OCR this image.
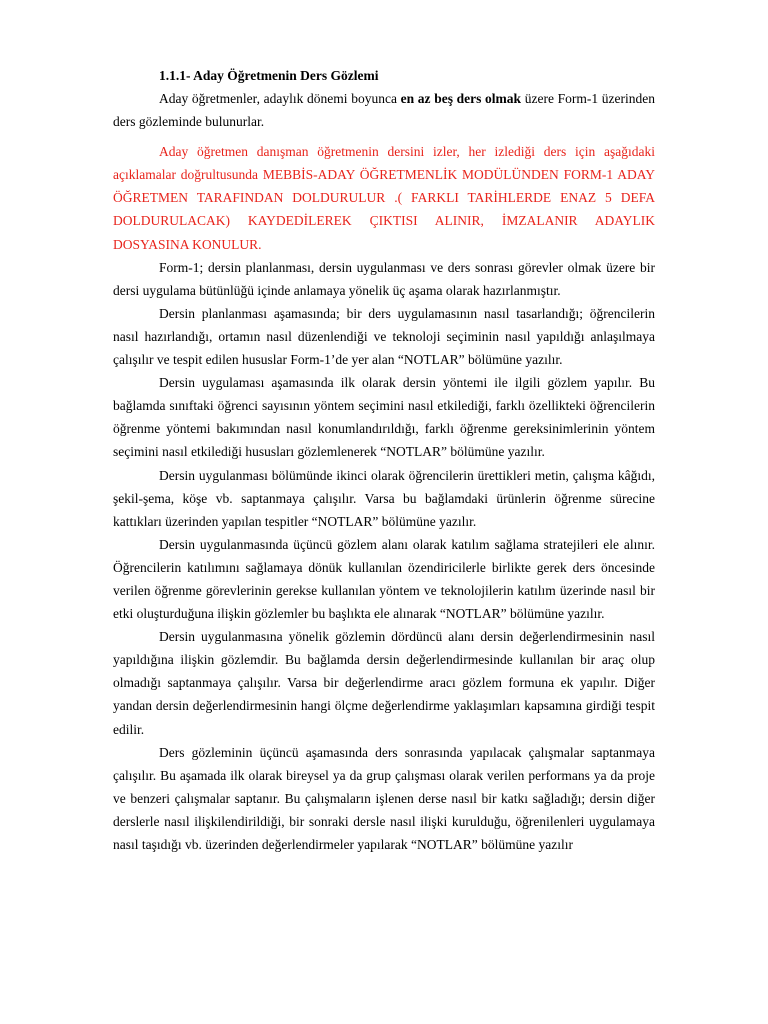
1.1.1- Aday Öğretmenin Ders Gözlemi

Aday öğretmenler, adaylık dönemi boyunca en az beş ders olmak üzere Form-1 üzerinden ders gözleminde bulunurlar.

Aday öğretmen danışman öğretmenin dersini izler, her izlediği ders için aşağıdaki açıklamalar doğrultusunda MEBBİS-ADAY ÖĞRETMENLİK MODÜLÜNDEN FORM-1 ADAY ÖĞRETMEN TARAFINDAN DOLDURULUR .( FARKLI TARİHLERDE ENAZ 5 DEFA DOLDURULACAK) KAYDEDİLEREK ÇIKTISI ALINIR, İMZALANIR ADAYLIK DOSYASINA KONULUR.

Form-1; dersin planlanması, dersin uygulanması ve ders sonrası görevler olmak üzere bir dersi uygulama bütünlüğü içinde anlamaya yönelik üç aşama olarak hazırlanmıştır.

Dersin planlanması aşamasında; bir ders uygulamasının nasıl tasarlandığı; öğrencilerin nasıl hazırlandığı, ortamın nasıl düzenlendiği ve teknoloji seçiminin nasıl yapıldığı anlaşılmaya çalışılır ve tespit edilen hususlar Form-1’de yer alan “NOTLAR” bölümüne yazılır.

Dersin uygulaması aşamasında ilk olarak dersin yöntemi ile ilgili gözlem yapılır. Bu bağlamda sınıftaki öğrenci sayısının yöntem seçimini nasıl etkilediği, farklı özellikteki öğrencilerin öğrenme yöntemi bakımından nasıl konumlandırıldığı, farklı öğrenme gereksinimlerinin yöntem seçimini nasıl etkilediği hususları gözlemlenerek “NOTLAR” bölümüne yazılır.

Dersin uygulanması bölümünde ikinci olarak öğrencilerin ürettikleri metin, çalışma kâğıdı, şekil-şema, köşe vb. saptanmaya çalışılır. Varsa bu bağlamdaki ürünlerin öğrenme sürecine kattıkları üzerinden yapılan tespitler “NOTLAR” bölümüne yazılır.

Dersin uygulanmasında üçüncü gözlem alanı olarak katılım sağlama stratejileri ele alınır. Öğrencilerin katılımını sağlamaya dönük kullanılan özendiricilerle birlikte gerek ders öncesinde verilen öğrenme görevlerinin gerekse kullanılan yöntem ve teknolojilerin katılım üzerinde nasıl bir etki oluşturduğuna ilişkin gözlemler bu başlıkta ele alınarak “NOTLAR” bölümüne yazılır.

Dersin uygulanmasına yönelik gözlemin dördüncü alanı dersin değerlendirmesinin nasıl yapıldığına ilişkin gözlemdir. Bu bağlamda dersin değerlendirmesinde kullanılan bir araç olup olmadığı saptanmaya çalışılır. Varsa bir değerlendirme aracı gözlem formuna ek yapılır. Diğer yandan dersin değerlendirmesinin hangi ölçme değerlendirme yaklaşımları kapsamına girdiği tespit edilir.

Ders gözleminin üçüncü aşamasında ders sonrasında yapılacak çalışmalar saptanmaya çalışılır. Bu aşamada ilk olarak bireysel ya da grup çalışması olarak verilen performans ya da proje ve benzeri çalışmalar saptanır. Bu çalışmaların işlenen derse nasıl bir katkı sağladığı; dersin diğer derslerle nasıl ilişkilendirildiği, bir sonraki dersle nasıl ilişki kurulduğu, öğrenilenleri uygulamaya nasıl taşıdığı vb. üzerinden değerlendirmeler yapılarak “NOTLAR” bölümüne yazılır
